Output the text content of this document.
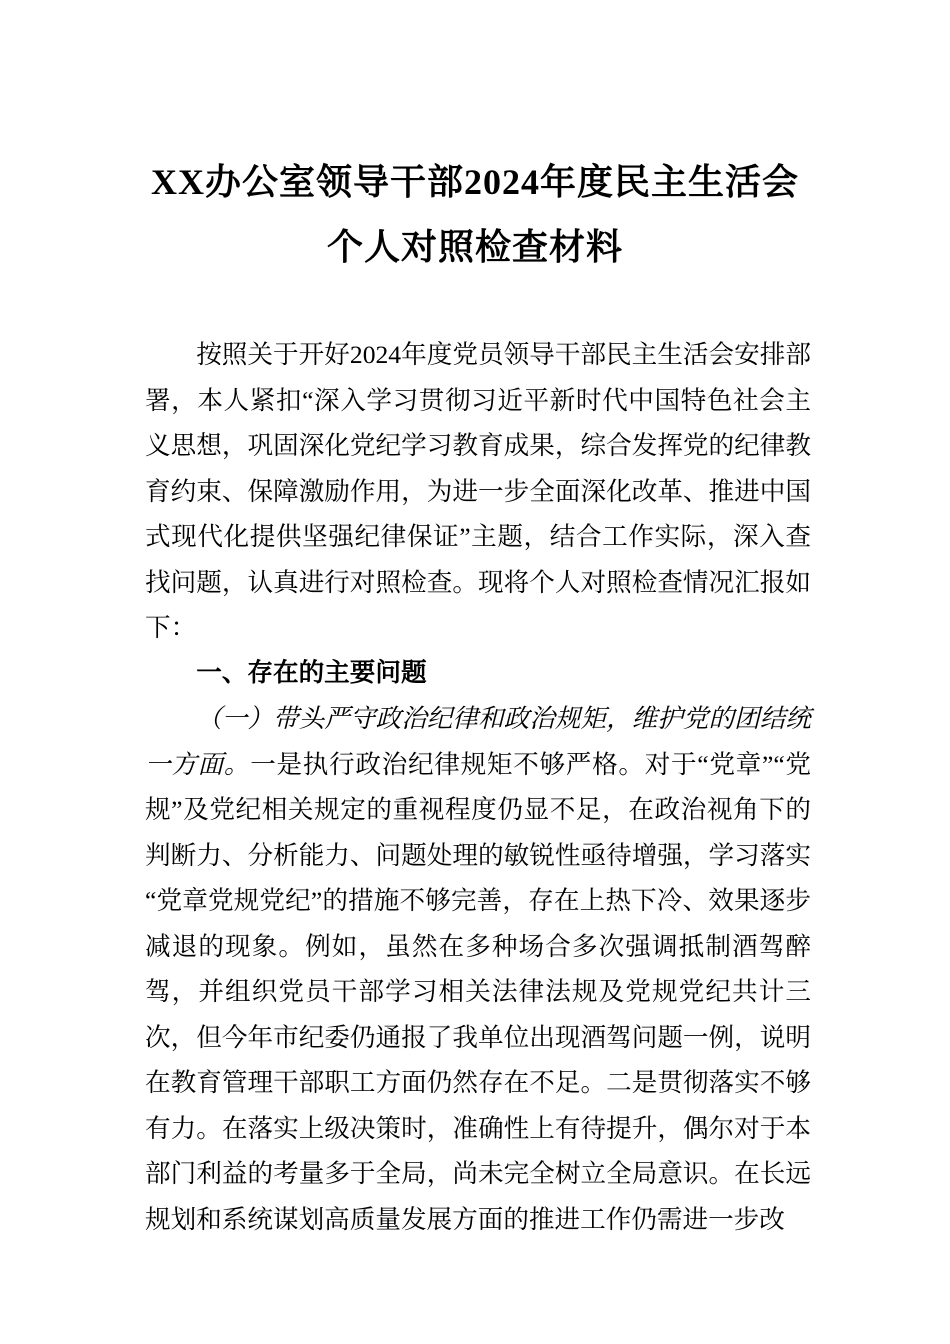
XX办公室领导干部2024年度民主生活会
个人对照检查材料

按照关于开好2024年度党员领导干部民主生活会安排部署，本人紧扣“深入学习贯彻习近平新时代中国特色社会主义思想，巩固深化党纪学习教育成果，综合发挥党的纪律教育约束、保障激励作用，为进一步全面深化改革、推进中国式现代化提供坚强纪律保证”主题，结合工作实际，深入查找问题，认真进行对照检查。现将个人对照检查情况汇报如下：

一、存在的主要问题

（一）带头严守政治纪律和政治规矩，维护党的团结统一方面。一是执行政治纪律规矩不够严格。对于“党章”“党规”及党纪相关规定的重视程度仍显不足，在政治视角下的判断力、分析能力、问题处理的敏锐性亟待增强，学习落实“党章党规党纪”的措施不够完善，存在上热下冷、效果逐步减退的现象。例如，虽然在多种场合多次强调抵制酒驾醉驾，并组织党员干部学习相关法律法规及党规党纪共计三次，但今年市纪委仍通报了我单位出现酒驾问题一例，说明在教育管理干部职工方面仍然存在不足。二是贯彻落实不够有力。在落实上级决策时，准确性上有待提升，偶尔对于本部门利益的考量多于全局，尚未完全树立全局意识。在长远规划和系统谋划高质量发展方面的推进工作仍需进一步改
